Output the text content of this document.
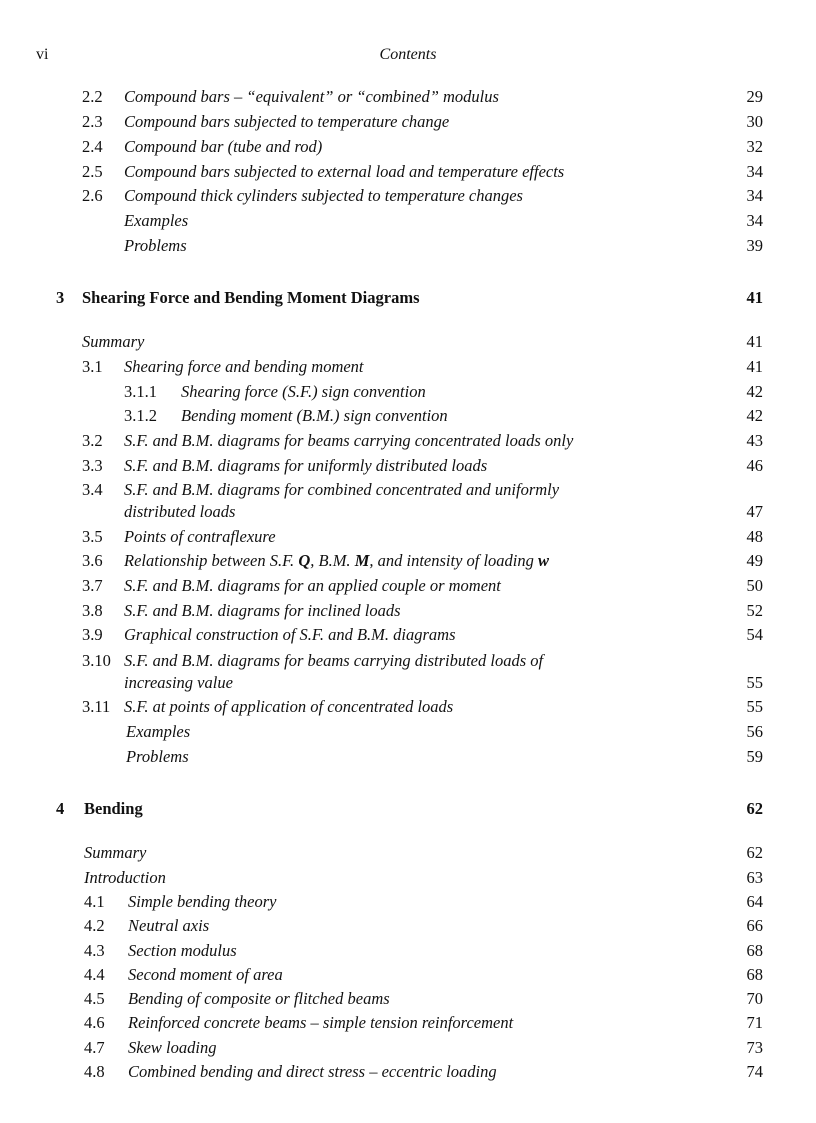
vi	Contents
2.2 Compound bars – “equivalent” or “combined” modulus	29
2.3 Compound bars subjected to temperature change	30
2.4 Compound bar (tube and rod)	32
2.5 Compound bars subjected to external load and temperature effects	34
2.6 Compound thick cylinders subjected to temperature changes	34
Examples	34
Problems	39
3 Shearing Force and Bending Moment Diagrams	41
Summary	41
3.1 Shearing force and bending moment	41
3.1.1 Shearing force (S.F.) sign convention	42
3.1.2 Bending moment (B.M.) sign convention	42
3.2 S.F. and B.M. diagrams for beams carrying concentrated loads only	43
3.3 S.F. and B.M. diagrams for uniformly distributed loads	46
3.4 S.F. and B.M. diagrams for combined concentrated and uniformly
distributed loads	47
3.5 Points of contraflexure	48
3.6 Relationship between S.F. Q, B.M. M, and intensity of loading w	49
3.7 S.F. and B.M. diagrams for an applied couple or moment	50
3.8 S.F. and B.M. diagrams for inclined loads	52
3.9 Graphical construction of S.F. and B.M. diagrams	54
3.10 S.F. and B.M. diagrams for beams carrying distributed loads of
increasing value	55
3.11 S.F. at points of application of concentrated loads	55
Examples	56
Problems	59
4 Bending	62
Summary	62
Introduction	63
4.1 Simple bending theory	64
4.2 Neutral axis	66
4.3 Section modulus	68
4.4 Second moment of area	68
4.5 Bending of composite or flitched beams	70
4.6 Reinforced concrete beams – simple tension reinforcement	71
4.7 Skew loading	73
4.8 Combined bending and direct stress – eccentric loading	74
